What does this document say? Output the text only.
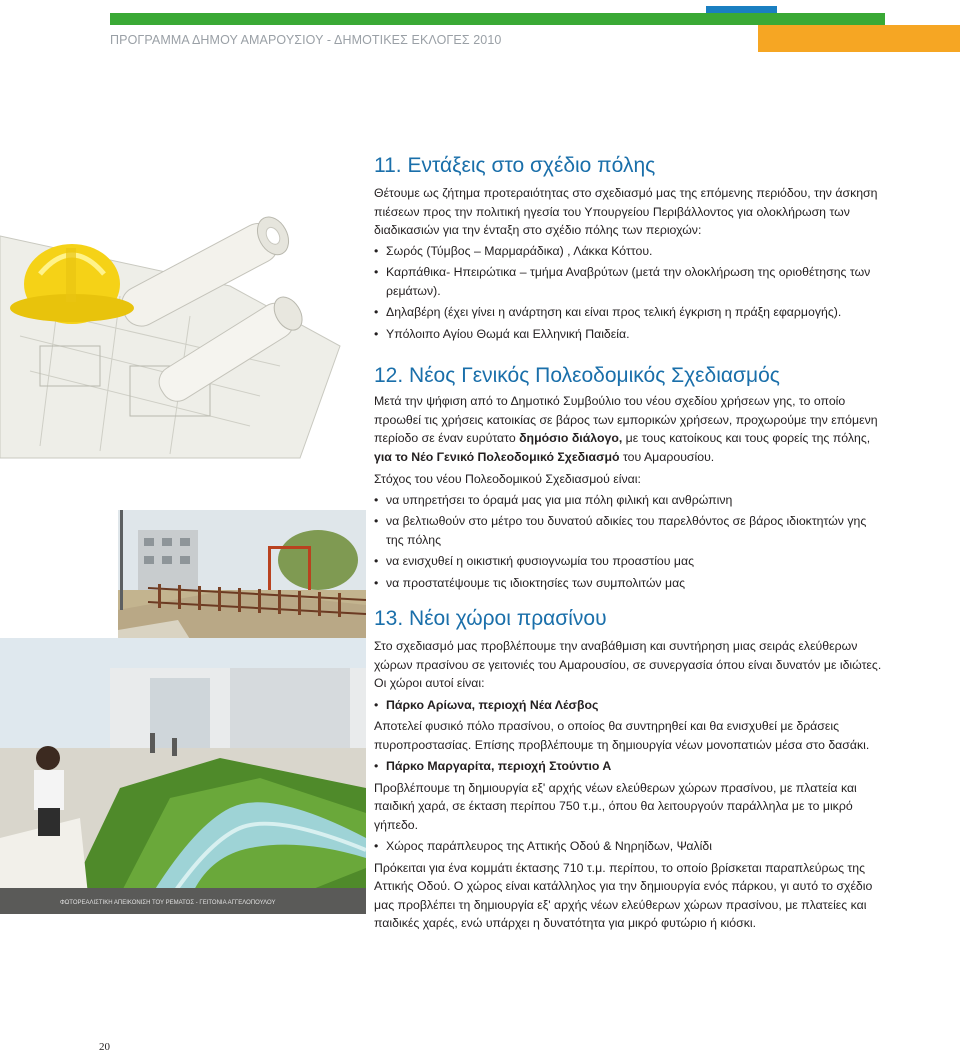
ΠΡΟΓΡΑΜΜΑ ΔΗΜΟΥ ΑΜΑΡΟΥΣΙΟΥ - ΔΗΜΟΤΙΚΕΣ ΕΚΛΟΓΕΣ 2010
ΦΩΤΟΡΕΑΛΙΣΤΙΚΗ ΑΠΕΙΚΟΝΙΣΗ ΤΟΥ ΡΕΜΑΤΟΣ - ΓΕΙΤΟΝΙΑ ΑΓΓΕΛΟΠΟΥΛΟΥ
11. Εντάξεις στο σχέδιο πόλης

Θέτουμε ως ζήτημα προτεραιότητας στο σχεδιασμό μας της επόμενης περιόδου, την άσκηση πιέσεων προς την πολιτική ηγεσία του Υπουργείου Περιβάλλοντος για ολοκλήρωση των διαδικασιών για την ένταξη στο σχέδιο πόλης των περιοχών:

• Σωρός (Τύμβος – Μαρμαράδικα) , Λάκκα Κόττου.
• Καρπάθικα- Ηπειρώτικα – τμήμα Αναβρύτων (μετά την ολοκλήρωση της οριοθέτησης των ρεμάτων).
• Δηλαβέρη (έχει γίνει η ανάρτηση και είναι προς τελική έγκριση η πράξη εφαρμογής).
• Υπόλοιπο Αγίου Θωμά και Ελληνική Παιδεία.
12. Νέος Γενικός Πολεοδομικός Σχεδιασμός

Μετά την ψήφιση από το Δημοτικό Συμβούλιο του νέου σχεδίου χρήσεων γης, το οποίο προωθεί τις χρήσεις κατοικίας σε βάρος των εμπορικών χρήσεων, προχωρούμε την επόμενη περίοδο σε έναν ευρύτατο δημόσιο διάλογο, με τους κατοίκους και τους φορείς της πόλης, για το Νέο Γενικό Πολεοδομικό Σχεδιασμό του Αμαρουσίου.

Στόχος του νέου Πολεοδομικού Σχεδιασμού είναι:

• να υπηρετήσει το όραμά μας για μια πόλη φιλική και ανθρώπινη
• να βελτιωθούν στο μέτρο του δυνατού αδικίες του παρελθόντος σε βάρος ιδιοκτητών γης της πόλης
• να ενισχυθεί η οικιστική φυσιογνωμία του προαστίου μας
• να προστατέψουμε τις ιδιοκτησίες των συμπολιτών μας
13. Νέοι χώροι πρασίνου

Στο σχεδιασμό μας προβλέπουμε την αναβάθμιση και συντήρηση μιας σειράς ελεύθερων χώρων πρασίνου σε γειτονιές του Αμαρουσίου, σε συνεργασία όπου είναι δυνατόν με ιδιώτες. Οι χώροι αυτοί είναι:

• Πάρκο Αρίωνα, περιοχή Νέα Λέσβος

Αποτελεί φυσικό πόλο πρασίνου, ο οποίος θα συντηρηθεί και θα ενισχυθεί με δράσεις πυροπροστασίας. Επίσης προβλέπουμε τη δημιουργία νέων μονοπατιών μέσα στο δασάκι.

• Πάρκο Μαργαρίτα, περιοχή Στούντιο Α

Προβλέπουμε τη δημιουργία εξ' αρχής νέων ελεύθερων χώρων πρασίνου, με πλατεία και παιδική χαρά, σε έκταση περίπου 750 τ.μ., όπου θα λειτουργούν παράλληλα με το μικρό γήπεδο.

• Χώρος παράπλευρος της Αττικής Οδού & Νηρηίδων, Ψαλίδι

Πρόκειται για ένα κομμάτι έκτασης 710 τ.μ. περίπου, το οποίο βρίσκεται παραπλεύρως της Αττικής Οδού. Ο χώρος είναι κατάλληλος για την δημιουργία ενός πάρκου, γι αυτό το σχέδιο μας προβλέπει τη δημιουργία εξ' αρχής νέων ελεύθερων χώρων πρασίνου, με πλατείες και παιδικές χαρές, ενώ υπάρχει η δυνατότητα για μικρό φυτώριο ή κιόσκι.

20
